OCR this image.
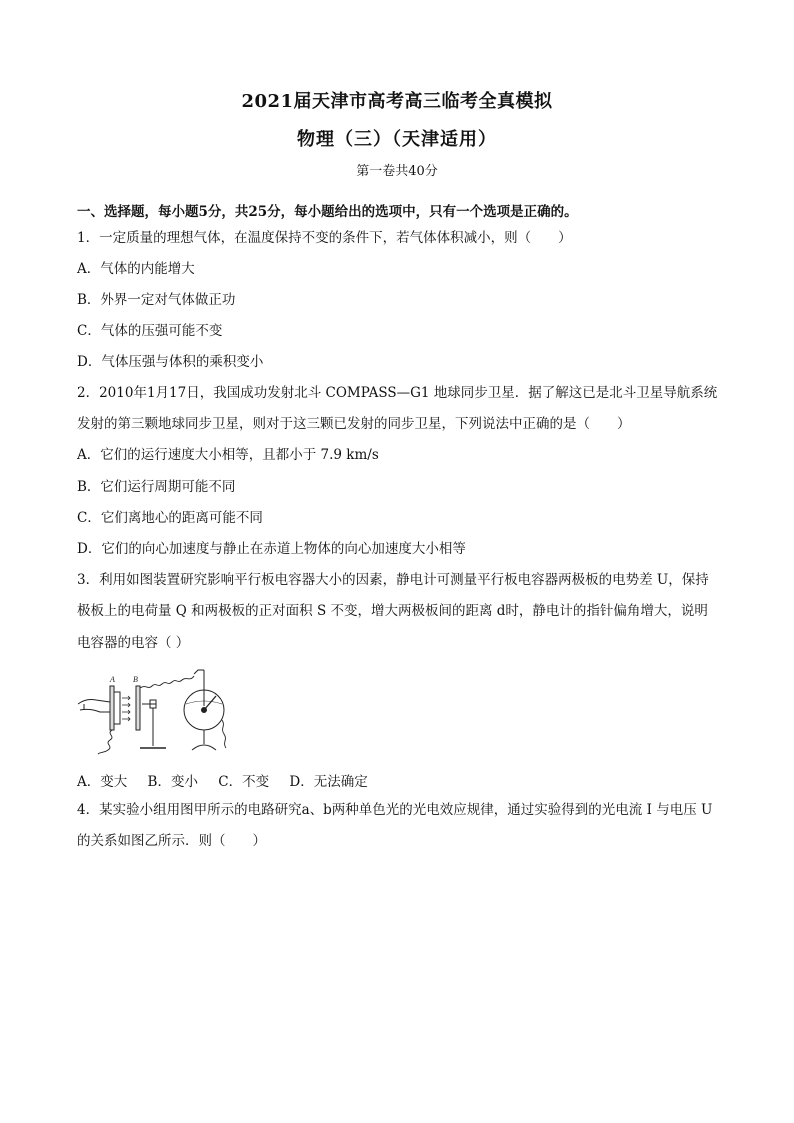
2021届天津市高考高三临考全真模拟
物理（三）（天津适用）
第一卷共40分
一、选择题，每小题5分，共25分，每小题给出的选项中，只有一个选项是正确的。
1．一定质量的理想气体，在温度保持不变的条件下，若气体体积减小，则（　　）
A．气体的内能增大
B．外界一定对气体做正功
C．气体的压强可能不变
D．气体压强与体积的乘积变小
2．2010年1月17日，我国成功发射北斗 COMPASS—G1 地球同步卫星．据了解这已是北斗卫星导航系统
发射的第三颗地球同步卫星，则对于这三颗已发射的同步卫星，下列说法中正确的是（　　）
A．它们的运行速度大小相等，且都小于 7.9 km/s
B．它们运行周期可能不同
C．它们离地心的距离可能不同
D．它们的向心加速度与静止在赤道上物体的向心加速度大小相等
3．利用如图装置研究影响平行板电容器大小的因素，静电计可测量平行板电容器两极板的电势差 U，保持
极板上的电荷量 Q 和两极板的正对面积 S 不变，增大两极板间的距离 d时，静电计的指针偏角增大，说明
电容器的电容（ ）
A B
A．变大 B．变小 C．不变 D．无法确定
4．某实验小组用图甲所示的电路研究a、b两种单色光的光电效应规律，通过实验得到的光电流 I 与电压 U
的关系如图乙所示．则（　　）
